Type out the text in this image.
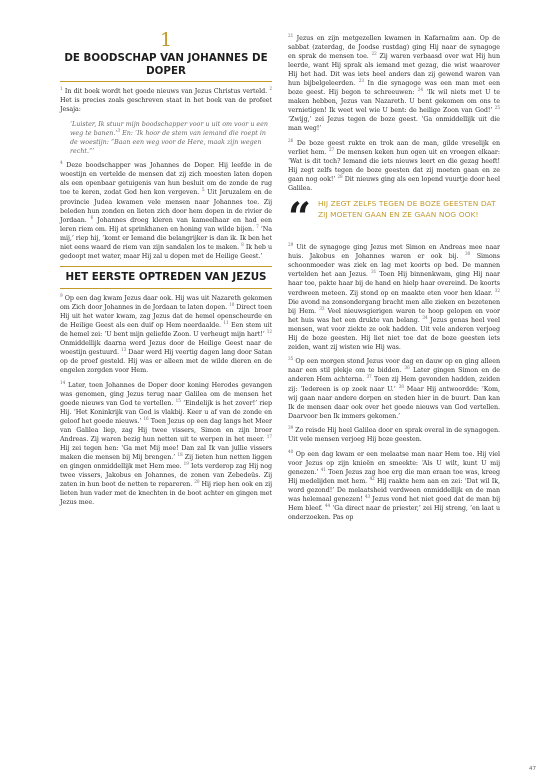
1
DE BOODSCHAP VAN JOHANNES DE DOPER

$^1$ In dit boek wordt het goede nieuws van Jezus Christus verteld. $^2$ Het is precies zoals geschreven staat in het boek van de profeet Jesaja:

‘Luister, Ik stuur mijn boodschapper voor u uit om voor u een weg te banen.’$^3$ En: ‘Ik hoor de stem van iemand die roept in de woestijn: “Baan een weg voor de Here, maak zijn wegen recht.”’

$^4$ Deze boodschapper was Johannes de Doper. Hij leefde in de woestijn en vertelde de mensen dat zij zich moesten laten dopen als een openbaar getuigenis van hun besluit om de zonde de rug toe te keren, zodat God hen kon vergeven. $^5$ Uit Jeruzalem en de provincie Judea kwamen vele mensen naar Johannes toe. Zij beleden hun zonden en lieten zich door hem dopen in de rivier de Jordaan. $^6$ Johannes droeg kleren van kameelhaar en had een leren riem om. Hij at sprinkhanen en honing van wilde bijen. $^7$ ‘Na mij,’ riep hij, ‘komt er Iemand die belangrijker is dan ik. Ik ben het niet eens waard de riem van zijn sandalen los te maken. $^8$ Ik heb u gedoopt met water, maar Hij zal u dopen met de Heilige Geest.’

HET EERSTE OPTREDEN VAN JEZUS

$^9$ Op een dag kwam Jezus daar ook. Hij was uit Nazareth gekomen om Zich door Johannes in de Jordaan te laten dopen. $^{10}$ Direct toen Hij uit het water kwam, zag Jezus dat de hemel openscheurde en de Heilige Geest als een duif op Hem neerdaalde. $^{11}$ Een stem uit de hemel zei: ‘U bent mijn geliefde Zoon. U verheugt mijn hart!’ $^{12}$ Onmiddellijk daarna werd Jezus door de Heilige Geest naar de woestijn gestuurd. $^{13}$ Daar werd Hij veertig dagen lang door Satan op de proef gesteld. Hij was er alleen met de wilde dieren en de engelen zorgden voor Hem.

$^{14}$ Later, toen Johannes de Doper door koning Herodes gevangen was genomen, ging Jezus terug naar Galilea om de mensen het goede nieuws van God te vertellen. $^{15}$ ‘Eindelijk is het zover!’ riep Hij. ‘Het Koninkrijk van God is vlakbij. Keer u af van de zonde en geloof het goede nieuws.’ $^{16}$ Toen Jezus op een dag langs het Meer van Galilea liep, zag Hij twee vissers, Simon en zijn broer Andreas. Zij waren bezig hun netten uit te werpen in het meer. $^{17}$ Hij zei tegen hen: ‘Ga met Mij mee! Dan zal Ik van jullie vissers maken die mensen bij Mij brengen.’ $^{18}$ Zij lieten hun netten liggen en gingen onmiddellijk met Hem mee. $^{19}$ Iets verderop zag Hij nog twee vissers, Jakobus en Johannes, de zonen van Zebedeüs. Zij zaten in hun boot de netten te repareren. $^{20}$ Hij riep hen ook en zij lieten hun vader met de knechten in de boot achter en gingen met Jezus mee.

$^{21}$ Jezus en zijn metgezellen kwamen in Kafarnaüm aan. Op de sabbat (zaterdag, de Joodse rustdag) ging Hij naar de synagoge en sprak de mensen toe. $^{22}$ Zij waren verbaasd over wat Hij hun leerde, want Hij sprak als iemand met gezag, die wist waarover Hij het had. Dit was iets heel anders dan zij gewend waren van hun bijbelgeleerden. $^{23}$ In die synagoge was een man met een boze geest. Hij begon te schreeuwen: $^{24}$ ‘Ik wil niets met U te maken hebben, Jezus van Nazareth. U bent gekomen om ons te vernietigen! Ik weet wel wie U bent: de heilige Zoon van God!’ $^{25}$ ‘Zwijg,’ zei Jezus tegen de boze geest. ‘Ga onmiddellijk uit die man weg!’

$^{26}$ De boze geest rukte en trok aan de man, gilde vreselijk en verliet hem. $^{27}$ De mensen keken hun ogen uit en vroegen elkaar: ‘Wat is dit toch? Iemand die iets nieuws leert en die gezag heeft! Hij zegt zelfs tegen de boze geesten dat zij moeten gaan en ze gaan nog ook!’ $^{28}$ Dit nieuws ging als een lopend vuurtje door heel Galilea.

“ HIJ ZEGT ZELFS TEGEN DE BOZE GEESTEN DAT ZIJ MOETEN GAAN EN ZE GAAN NOG OOK!

$^{29}$ Uit de synagoge ging Jezus met Simon en Andreas mee naar huis. Jakobus en Johannes waren er ook bij. $^{30}$ Simons schoonmoeder was ziek en lag met koorts op bed. De mannen vertelden het aan Jezus. $^{31}$ Toen Hij binnenkwam, ging Hij naar haar toe, pakte haar bij de hand en hielp haar overeind. De koorts verdween meteen. Zij stond op en maakte eten voor hen klaar. $^{32}$ Die avond na zonsondergang bracht men alle zieken en bezetenen bij Hem. $^{33}$ Veel nieuwsgierigen waren te hoop gelopen en voor het huis was het een drukte van belang. $^{34}$ Jezus genas heel veel mensen, wat voor ziekte ze ook hadden. Uit vele anderen verjoeg Hij de boze geesten. Hij liet niet toe dat de boze geesten iets zeiden, want zij wisten wie Hij was.

$^{35}$ Op een morgen stond Jezus voor dag en dauw op en ging alleen naar een stil plekje om te bidden. $^{36}$ Later gingen Simon en de anderen Hem achterna. $^{37}$ Toen zij Hem gevonden hadden, zeiden zij: ‘Iedereen is op zoek naar U.’ $^{38}$ Maar Hij antwoordde: ‘Kom, wij gaan naar andere dorpen en steden hier in de buurt. Dan kan Ik de mensen daar ook over het goede nieuws van God vertellen. Daarvoor ben Ik immers gekomen.’

$^{39}$ Zo reisde Hij heel Galilea door en sprak overal in de synagogen. Uit vele mensen verjoeg Hij boze geesten.

$^{40}$ Op een dag kwam er een melaatse man naar Hem toe. Hij viel voor Jezus op zijn knieën en smeekte: ‘Als U wilt, kunt U mij genezen.’ $^{41}$ Toen Jezus zag hoe erg die man eraan toe was, kreeg Hij medelijden met hem. $^{42}$ Hij raakte hem aan en zei: ‘Dat wil Ik, word gezond!’ De melaatsheid verdween onmiddellijk en de man was helemaal genezen! $^{43}$ Jezus vond het niet goed dat de man bij Hem bleef. $^{44}$ ‘Ga direct naar de priester,’ zei Hij streng, ‘en laat u onderzoeken. Pas op

47
